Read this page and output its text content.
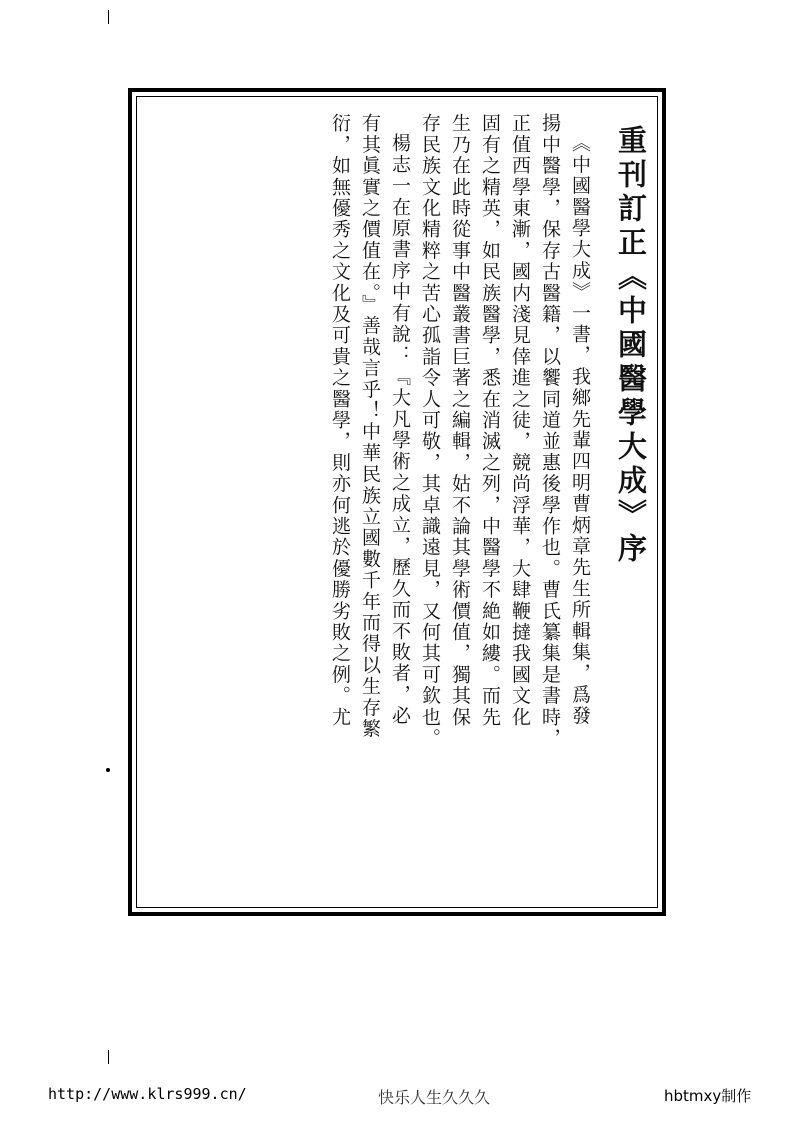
重刊訂正《中國醫學大成》序
《中國醫學大成》一書，我鄉先輩四明曹炳章先生所輯集，爲發
揚中醫學，保存古醫籍，以饗同道並惠後學作也。曹氏纂集是書時，
正值西學東漸，國内淺見倖進之徒，競尚浮華，大肆鞭撻我國文化
固有之精英，如民族醫學，悉在消滅之列，中醫學不絶如縷。而先
生乃在此時從事中醫叢書巨著之編輯，姑不論其學術價值，獨其保
存民族文化精粹之苦心孤詣令人可敬，其卓識遠見，又何其可欽也。
楊志一在原書序中有說：『大凡學術之成立，歷久而不敗者，必
有其眞實之價值在。』善哉言乎！中華民族立國數千年而得以生存繁
衍，如無優秀之文化及可貴之醫學，則亦何逃於優勝劣敗之例。尤
http://www.klrs999.cn/	快乐人生久久久	hbtmxy制作
